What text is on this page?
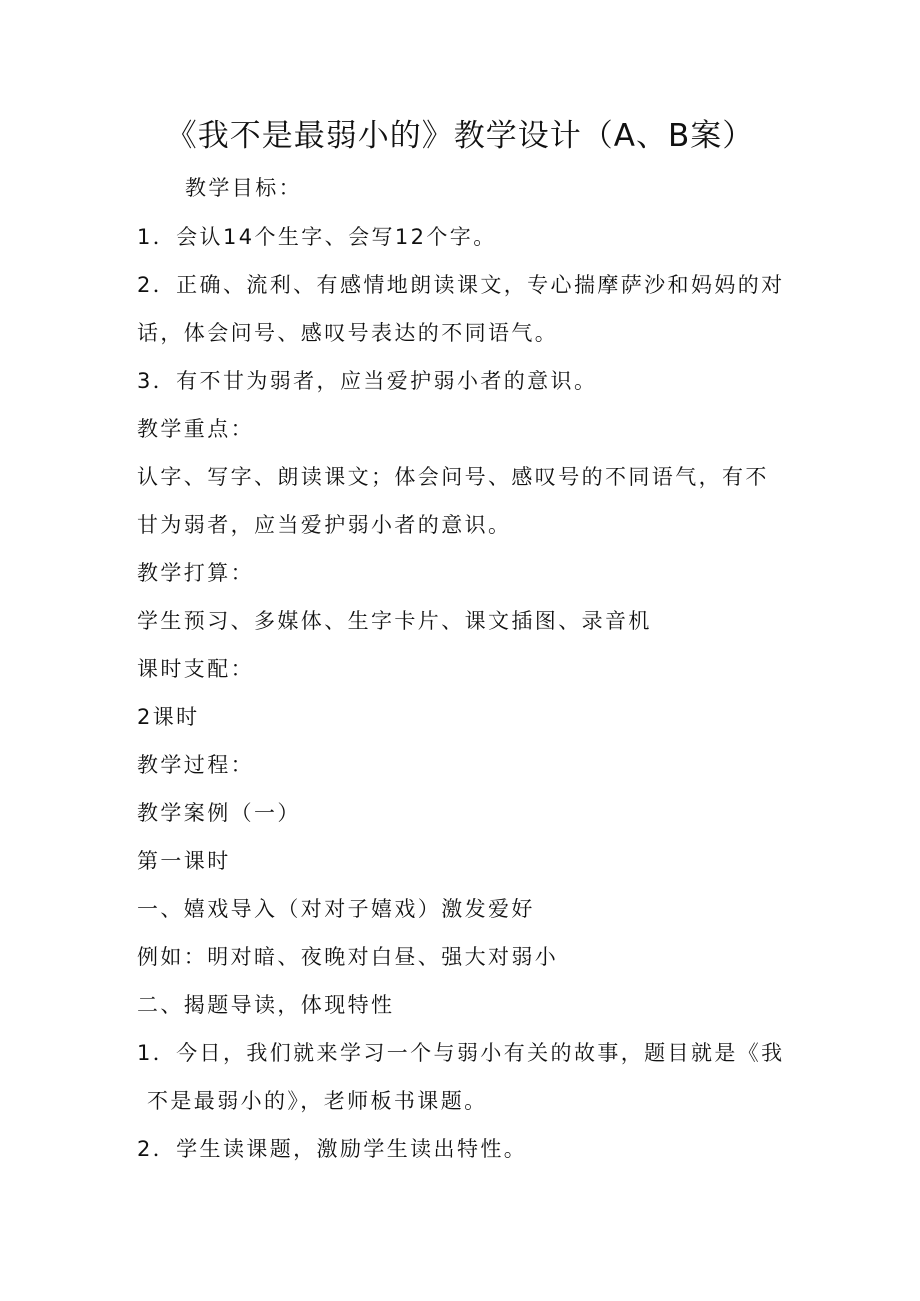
《我不是最弱小的》教学设计（A、B案）
教学目标：
1．会认14个生字、会写12个字。
2．正确、流利、有感情地朗读课文，专心揣摩萨沙和妈妈的对
话，体会问号、感叹号表达的不同语气。
3．有不甘为弱者，应当爱护弱小者的意识。
教学重点：
认字、写字、朗读课文；体会问号、感叹号的不同语气，有不
甘为弱者，应当爱护弱小者的意识。
教学打算：
学生预习、多媒体、生字卡片、课文插图、录音机
课时支配：
2课时
教学过程：
教学案例（一）
第一课时
一、嬉戏导入（对对子嬉戏）激发爱好
例如：明对暗、夜晚对白昼、强大对弱小
二、揭题导读，体现特性
1．今日，我们就来学习一个与弱小有关的故事，题目就是《我
不是最弱小的》，老师板书课题。
2．学生读课题，激励学生读出特性。
